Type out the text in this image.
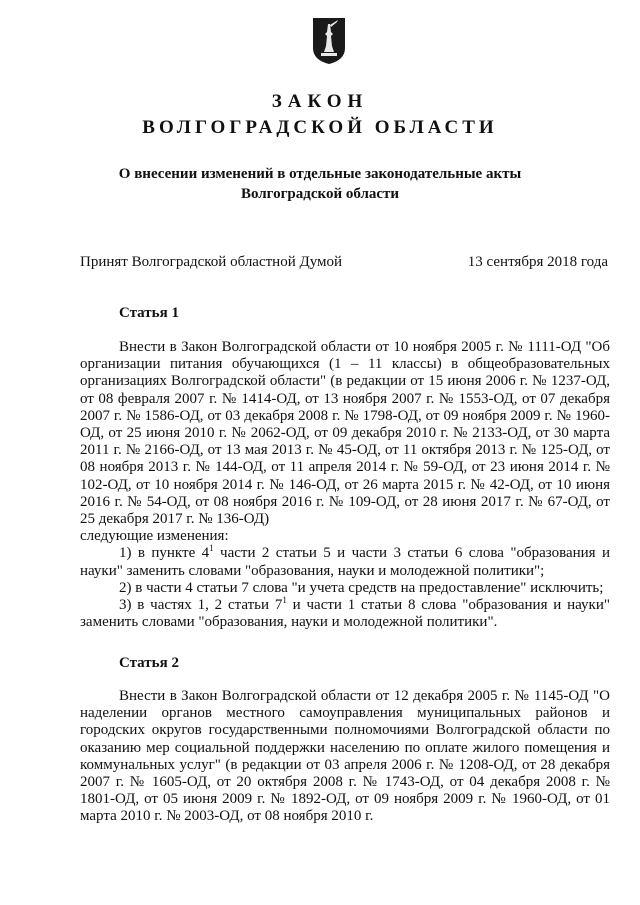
ЗАКОН
ВОЛГОГРАДСКОЙ ОБЛАСТИ
О внесении изменений в отдельные законодательные акты
Волгоградской области
Принят Волгоградской областной Думой	13 сентября 2018 года
Статья 1

Внести в Закон Волгоградской области от 10 ноября 2005 г. № 1111-ОД "Об организации питания обучающихся (1 – 11 классы) в общеобразовательных организациях Волгоградской области" (в редакции от 15 июня 2006 г. № 1237-ОД, от 08 февраля 2007 г. № 1414-ОД, от 13 ноября 2007 г. № 1553-ОД, от 07 декабря 2007 г. № 1586-ОД, от 03 декабря 2008 г. № 1798-ОД, от 09 ноября 2009 г. № 1960-ОД, от 25 июня 2010 г. № 2062-ОД, от 09 декабря 2010 г. № 2133-ОД, от 30 марта 2011 г. № 2166-ОД, от 13 мая 2013 г. № 45-ОД, от 11 октября 2013 г. № 125-ОД, от 08 ноября 2013 г. № 144-ОД, от 11 апреля 2014 г. № 59-ОД, от 23 июня 2014 г. № 102-ОД, от 10 ноября 2014 г. № 146-ОД, от 26 марта 2015 г. № 42-ОД, от 10 июня 2016 г. № 54-ОД, от 08 ноября 2016 г. № 109-ОД, от 28 июня 2017 г. № 67-ОД, от 25 декабря 2017 г. № 136-ОД)

следующие изменения:

1) в пункте $4^1$ части 2 статьи 5 и части 3 статьи 6 слова "образования и науки" заменить словами "образования, науки и молодежной политики";

2) в части 4 статьи 7 слова "и учета средств на предоставление" исключить;

3) в частях 1, 2 статьи $7^1$ и части 1 статьи 8 слова "образования и науки" заменить словами "образования, науки и молодежной политики".

Статья 2

Внести в Закон Волгоградской области от 12 декабря 2005 г. № 1145-ОД "О наделении органов местного самоуправления муниципальных районов и городских округов государственными полномочиями Волгоградской области по оказанию мер социальной поддержки населению по оплате жилого помещения и коммунальных услуг" (в редакции от 03 апреля 2006 г. № 1208-ОД, от 28 декабря 2007 г. № 1605-ОД, от 20 октября 2008 г. № 1743-ОД, от 04 декабря 2008 г. № 1801-ОД, от 05 июня 2009 г. № 1892-ОД, от 09 ноября 2009 г. № 1960-ОД, от 01 марта 2010 г. № 2003-ОД, от 08 ноября 2010 г.
